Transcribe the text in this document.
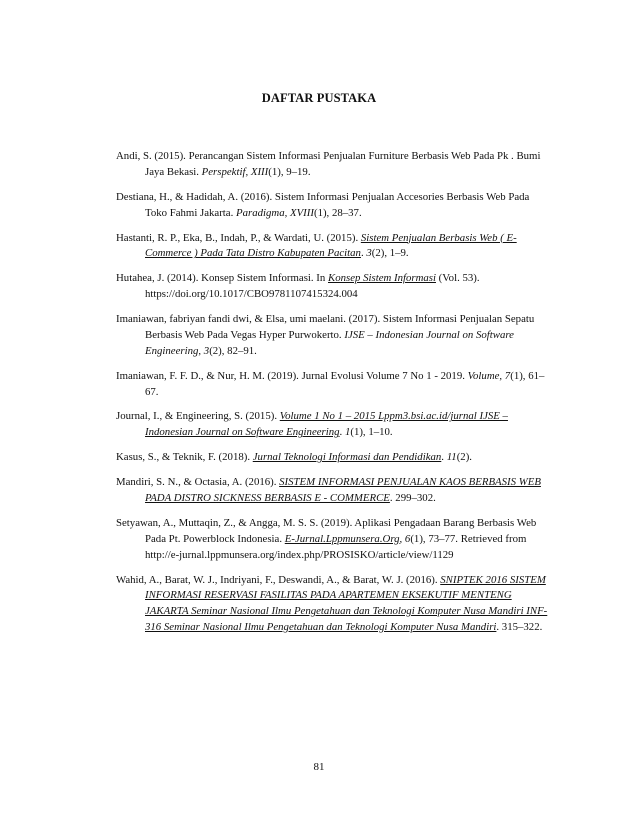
DAFTAR PUSTAKA
Andi, S. (2015). Perancangan Sistem Informasi Penjualan Furniture Berbasis Web Pada Pk . Bumi Jaya Bekasi. Perspektif, XIII(1), 9–19.
Destiana, H., & Hadidah, A. (2016). Sistem Informasi Penjualan Accesories Berbasis Web Pada Toko Fahmi Jakarta. Paradigma, XVIII(1), 28–37.
Hastanti, R. P., Eka, B., Indah, P., & Wardati, U. (2015). Sistem Penjualan Berbasis Web ( E-Commerce ) Pada Tata Distro Kabupaten Pacitan. 3(2), 1–9.
Hutahea, J. (2014). Konsep Sistem Informasi. In Konsep Sistem Informasi (Vol. 53). https://doi.org/10.1017/CBO9781107415324.004
Imaniawan, fabriyan fandi dwi, & Elsa, umi maelani. (2017). Sistem Informasi Penjualan Sepatu Berbasis Web Pada Vegas Hyper Purwokerto. IJSE – Indonesian Journal on Software Engineering, 3(2), 82–91.
Imaniawan, F. F. D., & Nur, H. M. (2019). Jurnal Evolusi Volume 7 No 1 - 2019. Volume, 7(1), 61–67.
Journal, I., & Engineering, S. (2015). Volume 1 No 1 – 2015 Lppm3.bsi.ac.id/jurnal IJSE – Indonesian Journal on Software Engineering. 1(1), 1–10.
Kasus, S., & Teknik, F. (2018). Jurnal Teknologi Informasi dan Pendidikan. 11(2).
Mandiri, S. N., & Octasia, A. (2016). SISTEM INFORMASI PENJUALAN KAOS BERBASIS WEB PADA DISTRO SICKNESS BERBASIS E - COMMERCE. 299–302.
Setyawan, A., Muttaqin, Z., & Angga, M. S. S. (2019). Aplikasi Pengadaan Barang Berbasis Web Pada Pt. Powerblock Indonesia. E-Jurnal.Lppmunsera.Org, 6(1), 73–77. Retrieved from http://e-jurnal.lppmunsera.org/index.php/PROSISKO/article/view/1129
Wahid, A., Barat, W. J., Indriyani, F., Deswandi, A., & Barat, W. J. (2016). SNIPTEK 2016 SISTEM INFORMASI RESERVASI FASILITAS PADA APARTEMEN EKSEKUTIF MENTENG JAKARTA Seminar Nasional Ilmu Pengetahuan dan Teknologi Komputer Nusa Mandiri INF-316 Seminar Nasional Ilmu Pengetahuan dan Teknologi Komputer Nusa Mandiri. 315–322.
81
